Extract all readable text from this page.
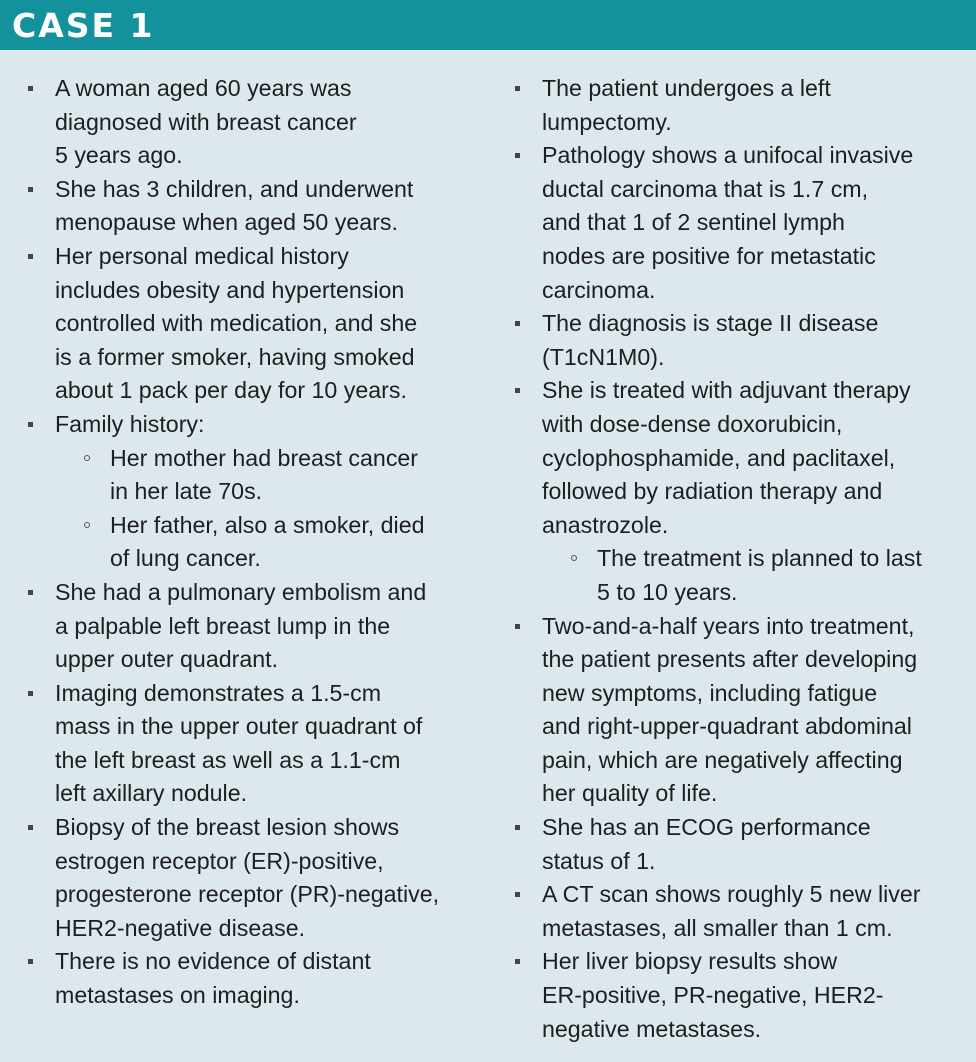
CASE 1
A woman aged 60 years was
diagnosed with breast cancer
5 years ago.
She has 3 children, and underwent
menopause when aged 50 years.
Her personal medical history
includes obesity and hypertension
controlled with medication, and she
is a former smoker, having smoked
about 1 pack per day for 10 years.
Family history:
Her mother had breast cancer
in her late 70s.
Her father, also a smoker, died
of lung cancer.
She had a pulmonary embolism and
a palpable left breast lump in the
upper outer quadrant.
Imaging demonstrates a 1.5-cm
mass in the upper outer quadrant of
the left breast as well as a 1.1-cm
left axillary nodule.
Biopsy of the breast lesion shows
estrogen receptor (ER)-positive,
progesterone receptor (PR)-negative,
HER2-negative disease.
There is no evidence of distant
metastases on imaging.
The patient undergoes a left
lumpectomy.
Pathology shows a unifocal invasive
ductal carcinoma that is 1.7 cm,
and that 1 of 2 sentinel lymph
nodes are positive for metastatic
carcinoma.
The diagnosis is stage II disease
(T1cN1M0).
She is treated with adjuvant therapy
with dose-dense doxorubicin,
cyclophosphamide, and paclitaxel,
followed by radiation therapy and
anastrozole.
The treatment is planned to last
5 to 10 years.
Two-and-a-half years into treatment,
the patient presents after developing
new symptoms, including fatigue
and right-upper-quadrant abdominal
pain, which are negatively affecting
her quality of life.
She has an ECOG performance
status of 1.
A CT scan shows roughly 5 new liver
metastases, all smaller than 1 cm.
Her liver biopsy results show
ER-positive, PR-negative, HER2-
negative metastases.
